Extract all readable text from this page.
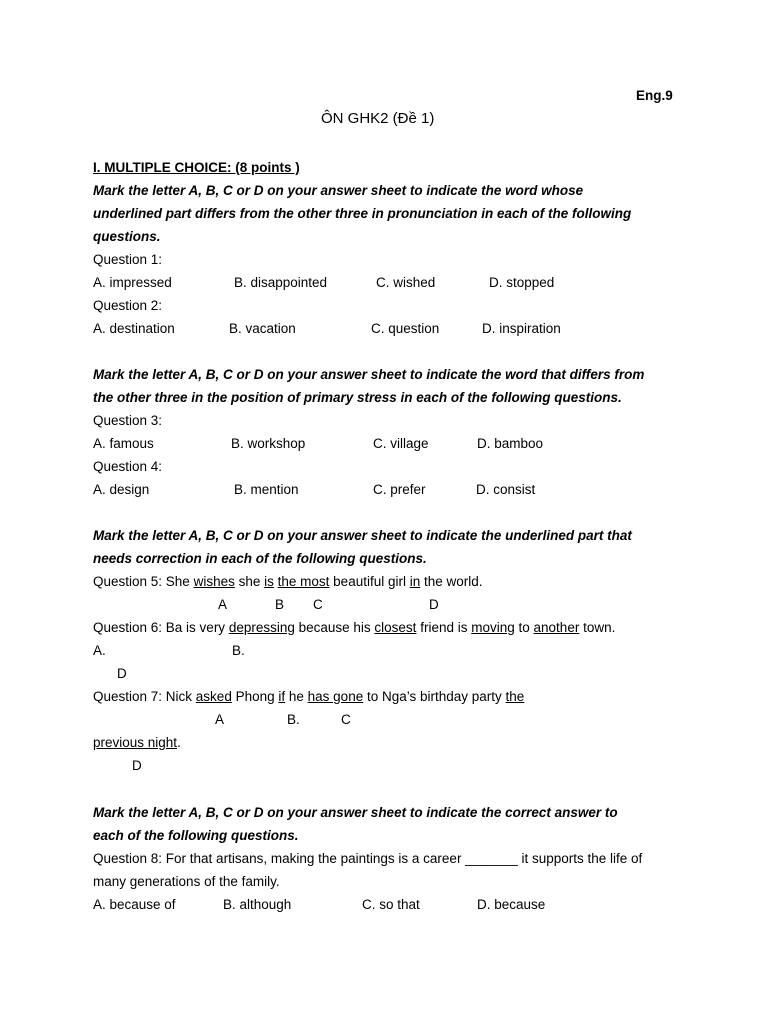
Eng.9
ÔN GHK2 (Đề 1)
I. MULTIPLE CHOICE: (8 points )
Mark the letter A, B, C or D on your answer sheet to indicate the word whose
underlined part differs from the other three in pronunciation in each of the following
questions.
Question 1:
A. impressed	B. disappointed	C. wished	D. stopped
Question 2:
A. destination	B. vacation	C. question	D. inspiration
Mark the letter A, B, C or D on your answer sheet to indicate the word that differs from
the other three in the position of primary stress in each of the following questions.
Question 3:
A. famous	B. workshop	C. village	D. bamboo
Question 4:
A. design	B. mention	C. prefer	D. consist
Mark the letter A, B, C or D on your answer sheet to indicate the underlined part that
needs correction in each of the following questions.
Question 5: She wishes she is the most beautiful girl in the world.
A	B C	D
Question 6: Ba is very depressing because his closest friend is moving to another town.
A.	B.
D
Question 7: Nick asked Phong if he has gone to Nga’s birthday party the
A	B.	C
previous night.
D
Mark the letter A, B, C or D on your answer sheet to indicate the correct answer to
each of the following questions.
Question 8: For that artisans, making the paintings is a career _______ it supports the life of
many generations of the family.
A. because of	B. although	C. so that	D. because
